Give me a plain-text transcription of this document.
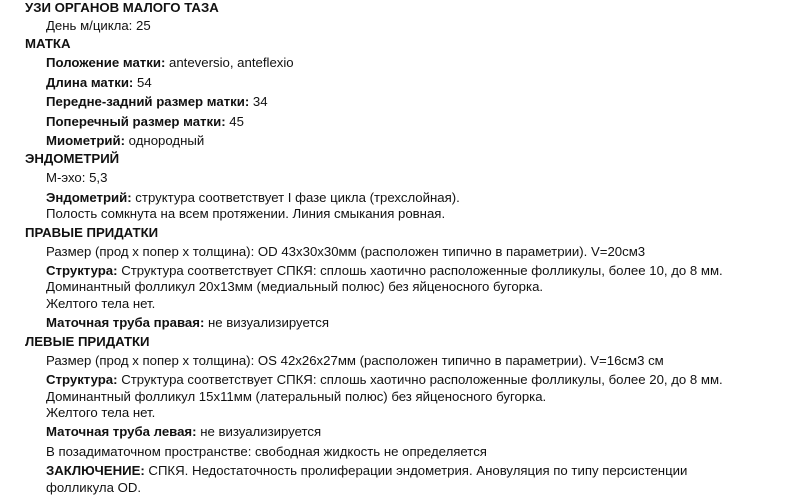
УЗИ ОРГАНОВ МАЛОГО ТАЗА
День м/цикла: 25
МАТКА
Положение матки: anteversio, anteflexio
Длина матки: 54
Передне-задний размер матки: 34
Поперечный размер матки: 45
Миометрий: однородный
ЭНДОМЕТРИЙ
М-эхо: 5,3
Эндометрий: структура соответствует I фазе цикла (трехслойная).
Полость сомкнута на всем протяжении. Линия смыкания ровная.
ПРАВЫЕ ПРИДАТКИ
Размер (прод х попер х толщина): OD 43x30x30мм (расположен типично в параметрии). V=20см3
Структура: Структура соответствует СПКЯ: сплошь хаотично расположенные фолликулы, более 10, до 8 мм.
Доминантный фолликул 20x13мм (медиальный полюс) без яйценосного бугорка.
Желтого тела нет.
Маточная труба правая: не визуализируется
ЛЕВЫЕ ПРИДАТКИ
Размер (прод х попер х толщина): OS 42x26x27мм (расположен типично в параметрии). V=16см3 см
Структура: Структура соответствует СПКЯ: сплошь хаотично расположенные фолликулы, более 20, до 8 мм.
Доминантный фолликул 15x11мм (латеральный полюс) без яйценосного бугорка.
Желтого тела нет.
Маточная труба левая: не визуализируется
В позадиматочном пространстве: свободная жидкость не определяется
ЗАКЛЮЧЕНИЕ: СПКЯ. Недостаточность пролиферации эндометрия. Ановуляция по типу персистенции
фолликула OD.
